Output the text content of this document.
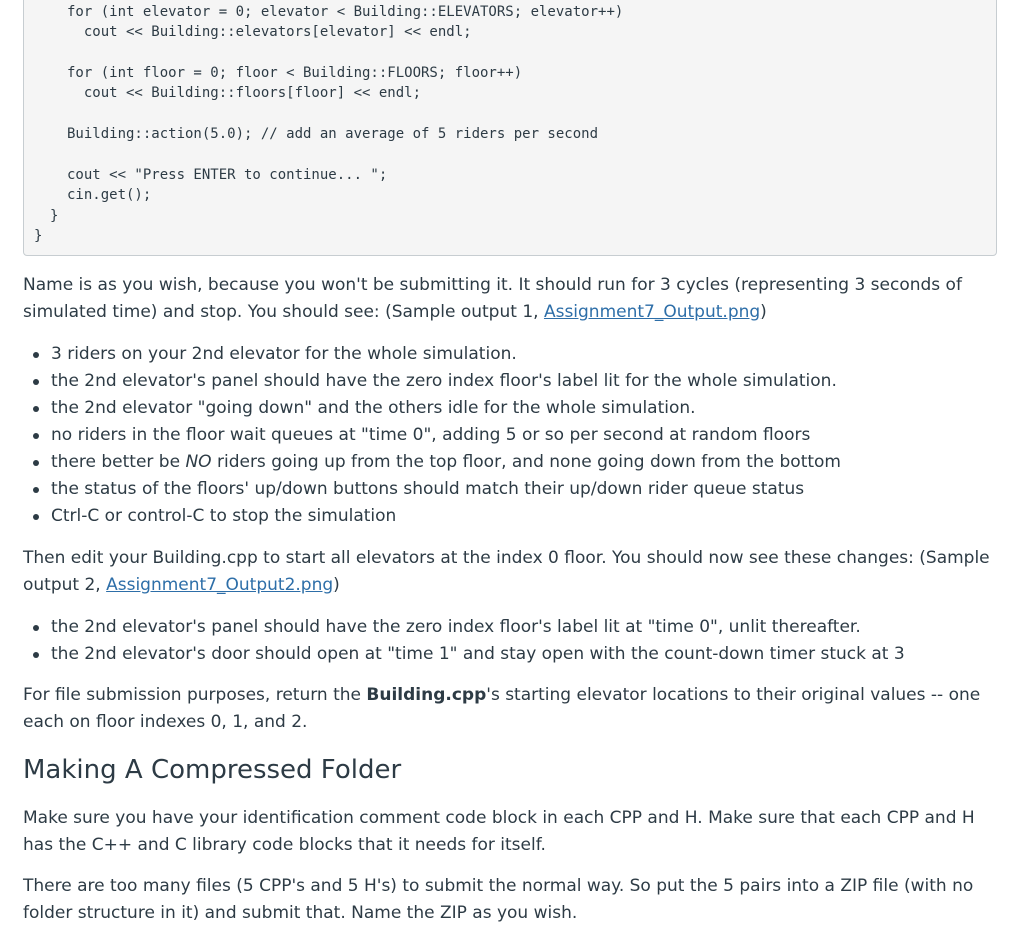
for (int elevator = 0; elevator < Building::ELEVATORS; elevator++)
cout << Building::elevators[elevator] << endl;
for (int floor = 0; floor < Building::FLOORS; floor++)
cout << Building::floors[floor] << endl;
Building::action(5.0); // add an average of 5 riders per second
cout << "Press ENTER to continue... ";
cin.get();
}
}

Name is as you wish, because you won't be submitting it. It should run for 3 cycles (representing 3 seconds of simulated time) and stop. You should see: (Sample output 1, Assignment7_Output.png)

3 riders on your 2nd elevator for the whole simulation.
the 2nd elevator's panel should have the zero index floor's label lit for the whole simulation.
the 2nd elevator "going down" and the others idle for the whole simulation.
no riders in the floor wait queues at "time 0", adding 5 or so per second at random floors
there better be NO riders going up from the top floor, and none going down from the bottom
the status of the floors' up/down buttons should match their up/down rider queue status
Ctrl-C or control-C to stop the simulation

Then edit your Building.cpp to start all elevators at the index 0 floor. You should now see these changes: (Sample output 2, Assignment7_Output2.png)

the 2nd elevator's panel should have the zero index floor's label lit at "time 0", unlit thereafter.
the 2nd elevator's door should open at "time 1" and stay open with the count-down timer stuck at 3

For file submission purposes, return the Building.cpp's starting elevator locations to their original values -- one each on floor indexes 0, 1, and 2.

Making A Compressed Folder

Make sure you have your identification comment code block in each CPP and H. Make sure that each CPP and H has the C++ and C library code blocks that it needs for itself.

There are too many files (5 CPP's and 5 H's) to submit the normal way. So put the 5 pairs into a ZIP file (with no folder structure in it) and submit that. Name the ZIP as you wish.
